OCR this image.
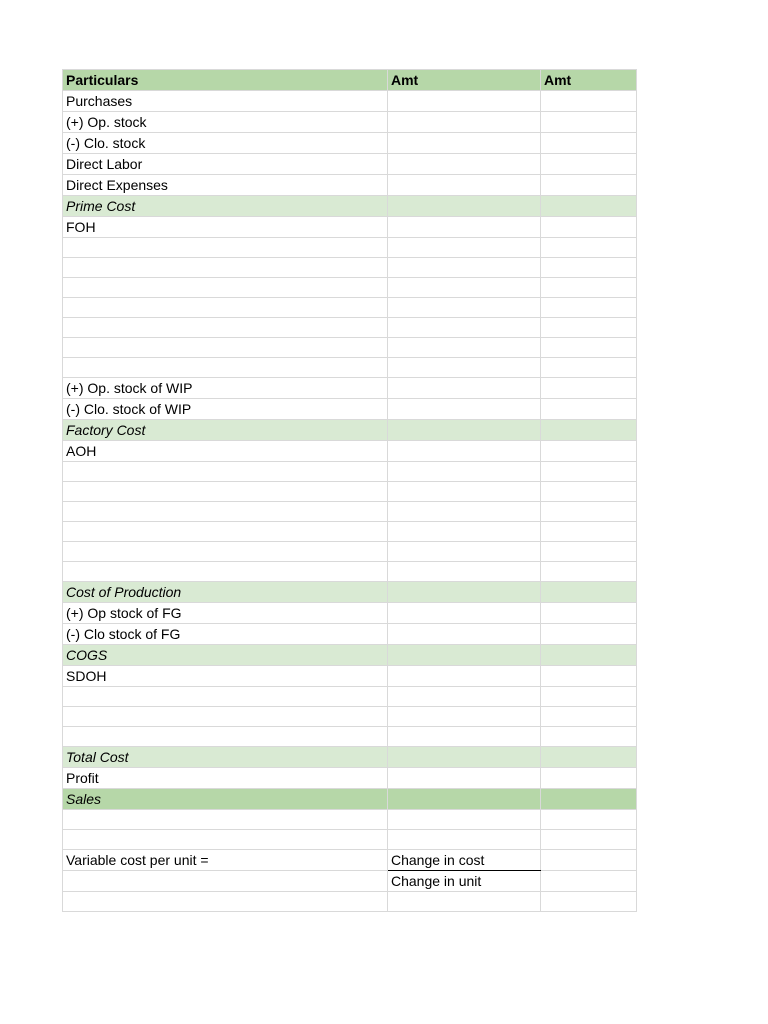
Particulars	Amt	Amt
Purchases		
(+) Op. stock		
(-) Clo. stock		
Direct Labor		
Direct Expenses		
Prime Cost		
FOH		

(+) Op. stock of WIP		
(-) Clo. stock of WIP		
Factory Cost		
AOH		

Cost of Production		
(+) Op stock of FG		
(-) Clo stock of FG		
COGS		
SDOH		

Total Cost		
Profit		
Sales		

Variable cost per unit =	Change in cost	
	Change in unit	
